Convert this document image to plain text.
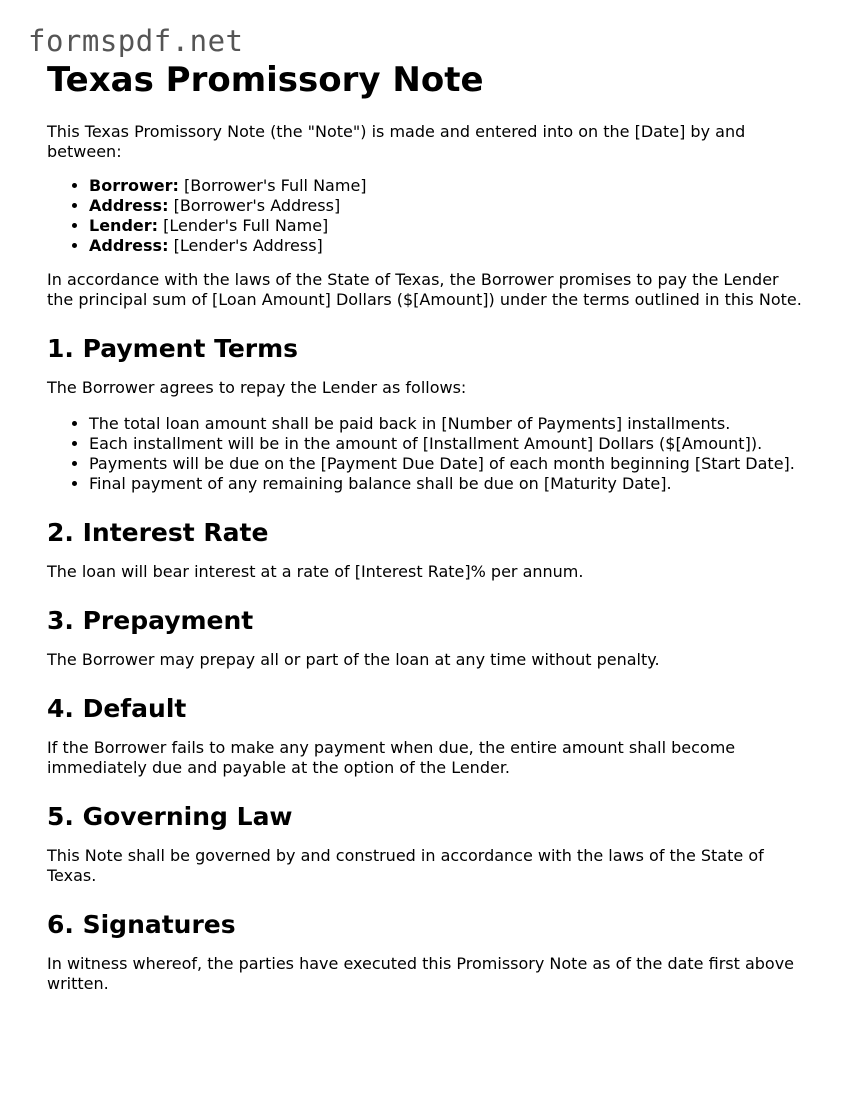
formspdf.net
Texas Promissory Note

This Texas Promissory Note (the "Note") is made and entered into on the [Date] by and between:

• Borrower: [Borrower's Full Name]
• Address: [Borrower's Address]
• Lender: [Lender's Full Name]
• Address: [Lender's Address]

In accordance with the laws of the State of Texas, the Borrower promises to pay the Lender the principal sum of [Loan Amount] Dollars ($[Amount]) under the terms outlined in this Note.

1. Payment Terms

The Borrower agrees to repay the Lender as follows:

• The total loan amount shall be paid back in [Number of Payments] installments.
• Each installment will be in the amount of [Installment Amount] Dollars ($[Amount]).
• Payments will be due on the [Payment Due Date] of each month beginning [Start Date].
• Final payment of any remaining balance shall be due on [Maturity Date].
2. Interest Rate

The loan will bear interest at a rate of [Interest Rate]% per annum.

3. Prepayment

The Borrower may prepay all or part of the loan at any time without penalty.

4. Default

If the Borrower fails to make any payment when due, the entire amount shall become immediately due and payable at the option of the Lender.

5. Governing Law

This Note shall be governed by and construed in accordance with the laws of the State of Texas.

6. Signatures

In witness whereof, the parties have executed this Promissory Note as of the date first above written.
